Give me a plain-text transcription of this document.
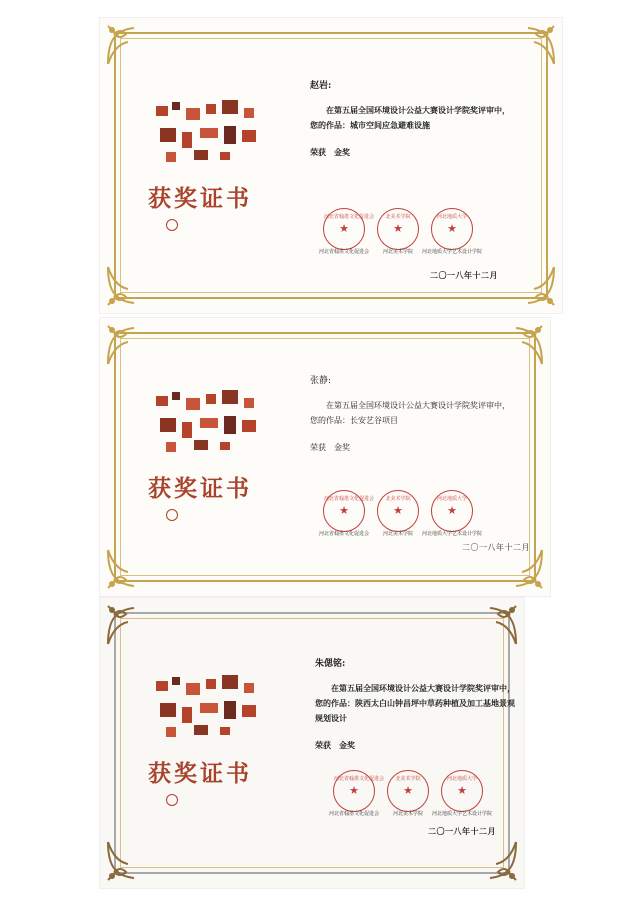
获奖证书
赵岩:
在第五届全国环境设计公益大赛设计学院奖评审中，您的作品：城市空间应急避难设施
荣获 金奖
河北省翰墨文化促进会
★
河北省翰墨文化促进会
北美术学院
★
河北美术学院
河北地质大学
★
河北地质大学艺术设计学院
二〇一八年十二月
获奖证书
张静:
在第五届全国环境设计公益大赛设计学院奖评审中，您的作品：长安艺谷项目
荣获 金奖
河北省翰墨文化促进会
★
河北省翰墨文化促进会
北美术学院
★
河北美术学院
河北地质大学
★
河北地质大学艺术设计学院
二〇一八年十二月
获奖证书
朱偲铭:
在第五届全国环境设计公益大赛设计学院奖评审中，您的作品：陕西太白山钟昌坪中草药种植及加工基地景观规划设计
荣获 金奖
河北省翰墨文化促进会
★
河北省翰墨文化促进会
北美术学院
★
河北美术学院
河北地质大学
★
河北地质大学艺术设计学院
二〇一八年十二月
